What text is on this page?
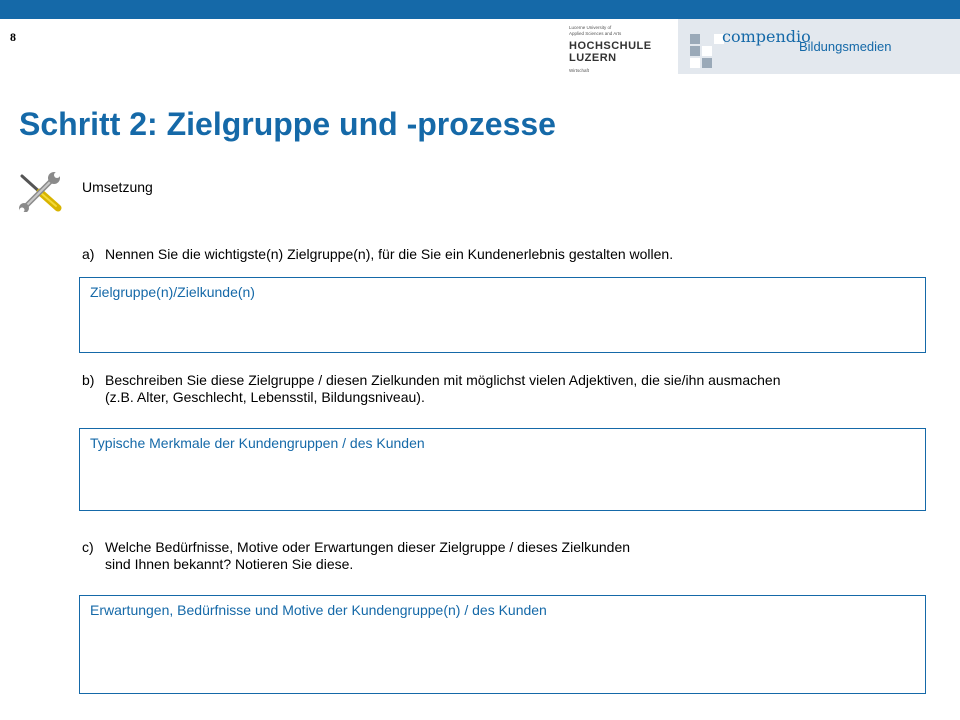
8
Lucerne University of
Applied Sciences and Arts
HOCHSCHULE
LUZERN
Wirtschaft
compendio
Bildungsmedien
Schritt 2: Zielgruppe und -prozesse
Umsetzung
a) Nennen Sie die wichtigste(n) Zielgruppe(n), für die Sie ein Kundenerlebnis gestalten wollen.
Zielgruppe(n)/Zielkunde(n)
b) Beschreiben Sie diese Zielgruppe / diesen Zielkunden mit möglichst vielen Adjektiven, die sie/ihn ausmachen
(z.B. Alter, Geschlecht, Lebensstil, Bildungsniveau).
Typische Merkmale der Kundengruppen / des Kunden
c) Welche Bedürfnisse, Motive oder Erwartungen dieser Zielgruppe / dieses Zielkunden
sind Ihnen bekannt? Notieren Sie diese.
Erwartungen, Bedürfnisse und Motive der Kundengruppe(n) / des Kunden
